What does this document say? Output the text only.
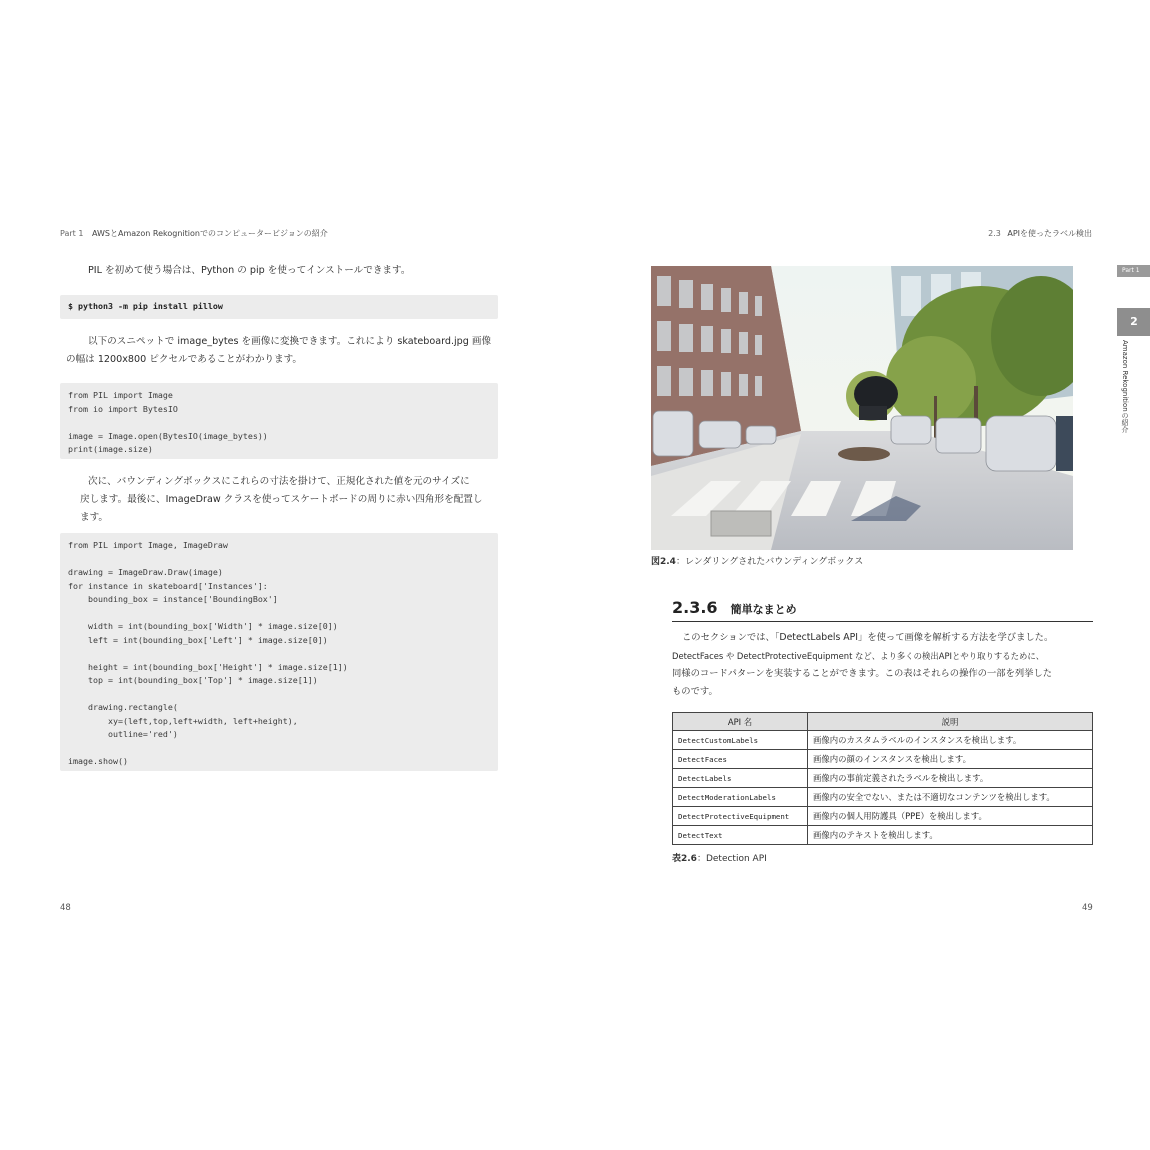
Part 1 AWSとAmazon Rekognitionでのコンピュータービジョンの紹介
PIL を初めて使う場合は、Python の pip を使ってインストールできます。
$ python3 -m pip install pillow
以下のスニペットで image_bytes を画像に変換できます。これにより skateboard.jpg 画像
の幅は 1200x800 ピクセルであることがわかります。
from PIL import Image
from io import BytesIO
image = Image.open(BytesIO(image_bytes))
print(image.size)
次に、バウンディングボックスにこれらの寸法を掛けて、正規化された値を元のサイズに
戻します。最後に、ImageDraw クラスを使ってスケートボードの周りに赤い四角形を配置し
ます。
from PIL import Image, ImageDraw
drawing = ImageDraw.Draw(image)
for instance in skateboard['Instances']:
bounding_box = instance['BoundingBox']
width = int(bounding_box['Width'] * image.size[0])
left = int(bounding_box['Left'] * image.size[0])
height = int(bounding_box['Height'] * image.size[1])
top = int(bounding_box['Top'] * image.size[1])
drawing.rectangle(
xy=(left,top,left+width, left+height),
outline='red')
image.show()
48
2.3 APIを使ったラベル検出
図2.4：レンダリングされたバウンディングボックス
2.3.6 簡単なまとめ
このセクションでは、「DetectLabels API」を使って画像を解析する方法を学びました。
DetectFaces や DetectProtectiveEquipment など、より多くの検出APIとやり取りするために、
同様のコードパターンを実装することができます。この表はそれらの操作の一部を列挙した
ものです。
API 名	説明
DetectCustomLabels	画像内のカスタムラベルのインスタンスを検出します。
DetectFaces	画像内の顔のインスタンスを検出します。
DetectLabels	画像内の事前定義されたラベルを検出します。
DetectModerationLabels	画像内の安全でない、または不適切なコンテンツを検出します。
DetectProtectiveEquipment	画像内の個人用防護具（PPE）を検出します。
DetectText	画像内のテキストを検出します。
表2.6：Detection API
Part 1
2
Amazon Rekognitionの紹介
49
